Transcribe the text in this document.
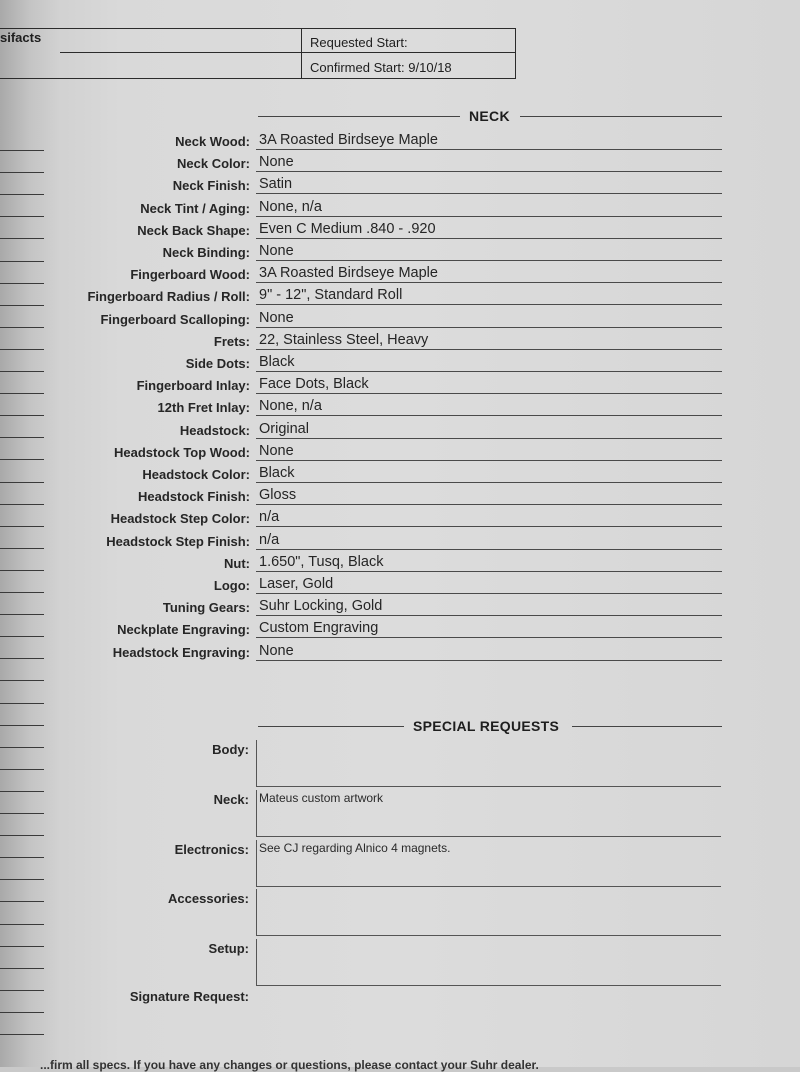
sifacts	Requested Start:
Confirmed Start: 9/10/18
NECK
Neck Wood: 3A Roasted Birdseye Maple
Neck Color: None
Neck Finish: Satin
Neck Tint / Aging: None, n/a
Neck Back Shape: Even C Medium .840 - .920
Neck Binding: None
Fingerboard Wood: 3A Roasted Birdseye Maple
Fingerboard Radius / Roll: 9" - 12", Standard Roll
Fingerboard Scalloping: None
Frets: 22, Stainless Steel, Heavy
Side Dots: Black
Fingerboard Inlay: Face Dots, Black
12th Fret Inlay: None, n/a
Headstock: Original
Headstock Top Wood: None
Headstock Color: Black
Headstock Finish: Gloss
Headstock Step Color: n/a
Headstock Step Finish: n/a
Nut: 1.650", Tusq, Black
Logo: Laser, Gold
Tuning Gears: Suhr Locking, Gold
Neckplate Engraving: Custom Engraving
Headstock Engraving: None
SPECIAL REQUESTS
Body:
Neck: Mateus custom artwork
Electronics: See CJ regarding Alnico 4 magnets.
Accessories:
Setup:
Signature Request:
...firm all specs. If you have any changes or questions, please contact your Suhr dealer.
